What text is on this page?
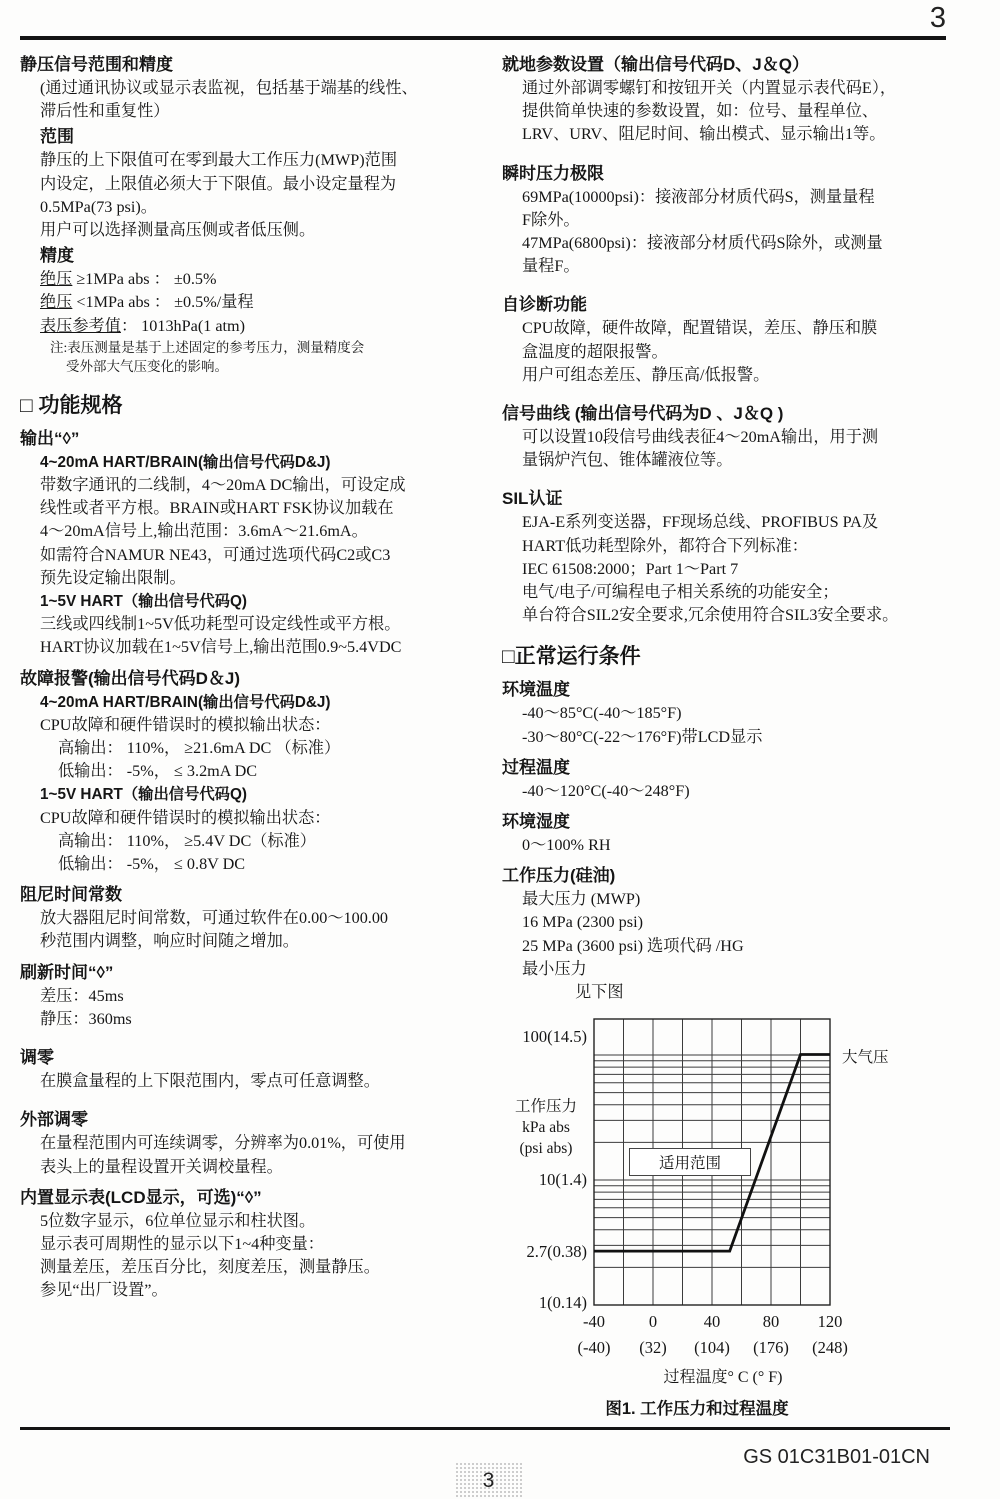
3
静压信号范围和精度
(通过通讯协议或显示表监视，包括基于端基的线性、
滞后性和重复性）
范围
静压的上下限值可在零到最大工作压力(MWP)范围
内设定，上限值必须大于下限值。最小设定量程为
0.5MPa(73 psi)。
用户可以选择测量高压侧或者低压侧。
精度
绝压 ≥1MPa abs ： ±0.5%
绝压 <1MPa abs ： ±0.5%/量程
表压参考值： 1013hPa(1 atm)
注:表压测量是基于上述固定的参考压力，测量精度会
受外部大气压变化的影响。
□ 功能规格
输出“◊”
4~20mA HART/BRAIN(输出信号代码D&J)
带数字通讯的二线制，4～20mA DC输出，可设定成
线性或者平方根。BRAIN或HART FSK协议加载在
4～20mA信号上,输出范围：3.6mA～21.6mA。
如需符合NAMUR NE43，可通过选项代码C2或C3
预先设定输出限制。
1~5V HART（输出信号代码Q)
三线或四线制1~5V低功耗型可设定线性或平方根。
HART协议加载在1~5V信号上,输出范围0.9~5.4VDC
故障报警(输出信号代码D＆J)
4~20mA HART/BRAIN(输出信号代码D&J)
CPU故障和硬件错误时的模拟输出状态：
高输出： 110%， ≥21.6mA DC （标准）
低输出： -5%， ≤ 3.2mA DC
1~5V HART（输出信号代码Q)
CPU故障和硬件错误时的模拟输出状态：
高输出： 110%， ≥5.4V DC（标准）
低输出： -5%， ≤ 0.8V DC
阻尼时间常数
放大器阻尼时间常数，可通过软件在0.00～100.00
秒范围内调整，响应时间随之增加。
刷新时间“◊”
差压：45ms
静压：360ms
调零
在膜盒量程的上下限范围内，零点可任意调整。
外部调零
在量程范围内可连续调零，分辨率为0.01%，可使用
表头上的量程设置开关调校量程。
内置显示表(LCD显示，可选)“◊”
5位数字显示，6位单位显示和柱状图。
显示表可周期性的显示以下1~4种变量：
测量差压，差压百分比，刻度差压，测量静压。
参见“出厂设置”。
就地参数设置（输出信号代码D、J＆Q）
通过外部调零螺钉和按钮开关（内置显示表代码E），
提供简单快速的参数设置，如：位号、量程单位、
LRV、URV、阻尼时间、输出模式、显示输出1等。
瞬时压力极限
69MPa(10000psi)：接液部分材质代码S，测量量程
F除外。
47MPa(6800psi)：接液部分材质代码S除外，或测量
量程F。
自诊断功能
CPU故障，硬件故障，配置错误，差压、静压和膜
盒温度的超限报警。
用户可组态差压、静压高/低报警。
信号曲线 (输出信号代码为D 、J＆Q )
可以设置10段信号曲线表征4～20mA输出，用于测
量锅炉汽包、锥体罐液位等。
SIL认证
EJA-E系列变送器，FF现场总线、PROFIBUS PA及
HART低功耗型除外，都符合下列标准：
IEC 61508:2000；Part 1～Part 7
电气/电子/可编程电子相关系统的功能安全；
单台符合SIL2安全要求,冗余使用符合SIL3安全要求。
□正常运行条件
环境温度
-40～85°C(-40～185°F)
-30～80°C(-22～176°F)带LCD显示
过程温度
-40～120°C(-40～248°F)
环境湿度
0～100% RH
工作压力(硅油)
最大压力 (MWP)
16 MPa (2300 psi)
25 MPa (3600 psi) 选项代码 /HG
最小压力
见下图
100(14.5)
工作压力
kPa abs
(psi abs)
10(1.4)
2.7(0.38)
1(0.14)
适用范围
大气压
过程温度° C (° F)
图1. 工作压力和过程温度
-40
(-40)
0
(32)
40
(104)
80
(176)
120
(248)
GS 01C31B01-01CN
3
